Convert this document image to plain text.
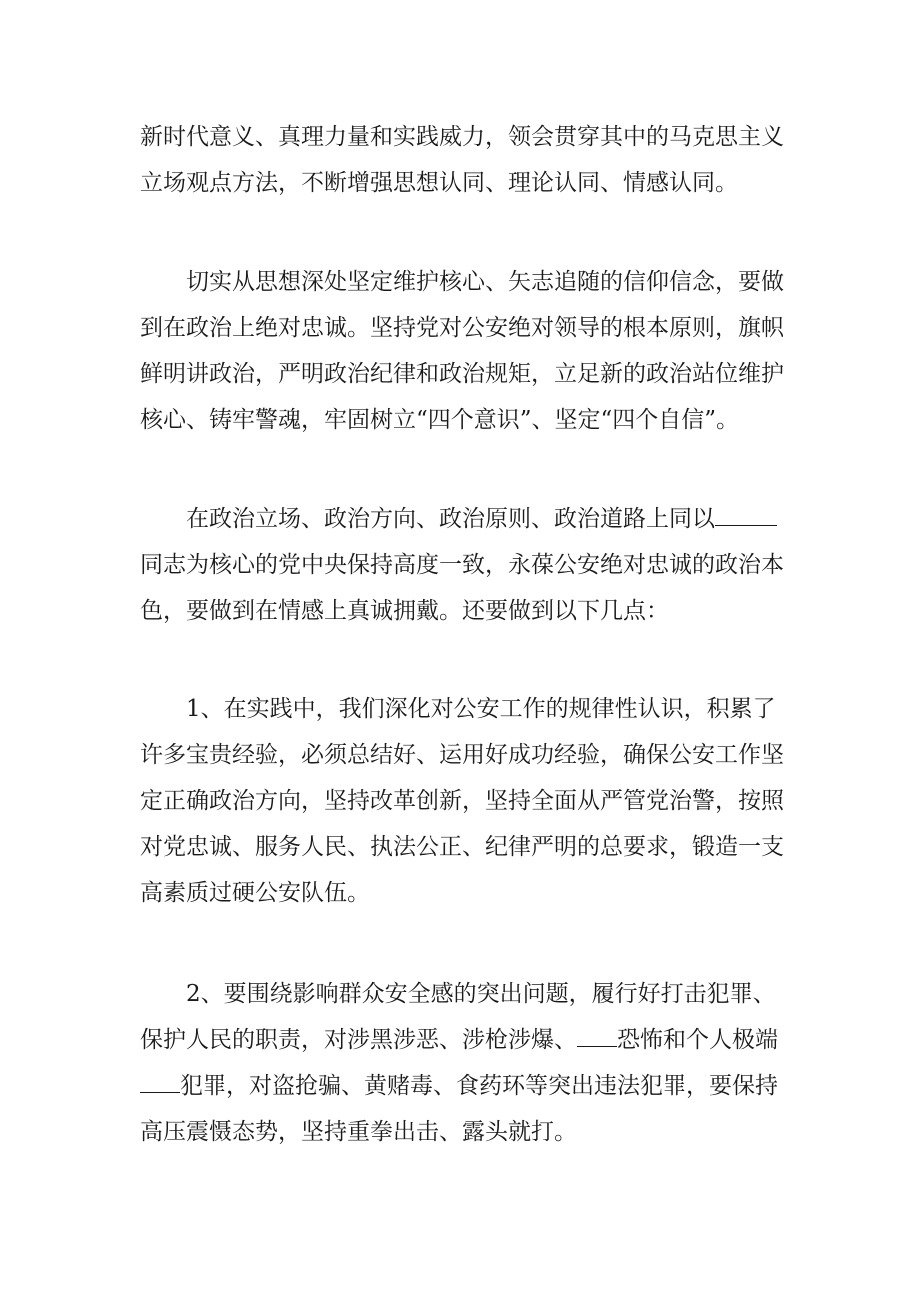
新时代意义、真理力量和实践威力，领会贯穿其中的马克思主义
立场观点方法，不断增强思想认同、理论认同、情感认同。
切实从思想深处坚定维护核心、矢志追随的信仰信念，要做
到在政治上绝对忠诚。坚持党对公安绝对领导的根本原则，旗帜
鲜明讲政治，严明政治纪律和政治规矩，立足新的政治站位维护
核心、铸牢警魂，牢固树立“四个意识”、坚定“四个自信”。
在政治立场、政治方向、政治原则、政治道路上同以
同志为核心的党中央保持高度一致，永葆公安绝对忠诚的政治本
色，要做到在情感上真诚拥戴。还要做到以下几点：
1、在实践中，我们深化对公安工作的规律性认识，积累了
许多宝贵经验，必须总结好、运用好成功经验，确保公安工作坚
定正确政治方向，坚持改革创新，坚持全面从严管党治警，按照
对党忠诚、服务人民、执法公正、纪律严明的总要求，锻造一支
高素质过硬公安队伍。
2、要围绕影响群众安全感的突出问题，履行好打击犯罪、
保护人民的职责，对涉黑涉恶、涉枪涉爆、 恐怖和个人极端
犯罪，对盗抢骗、黄赌毒、食药环等突出违法犯罪，要保持
高压震慑态势，坚持重拳出击、露头就打。
